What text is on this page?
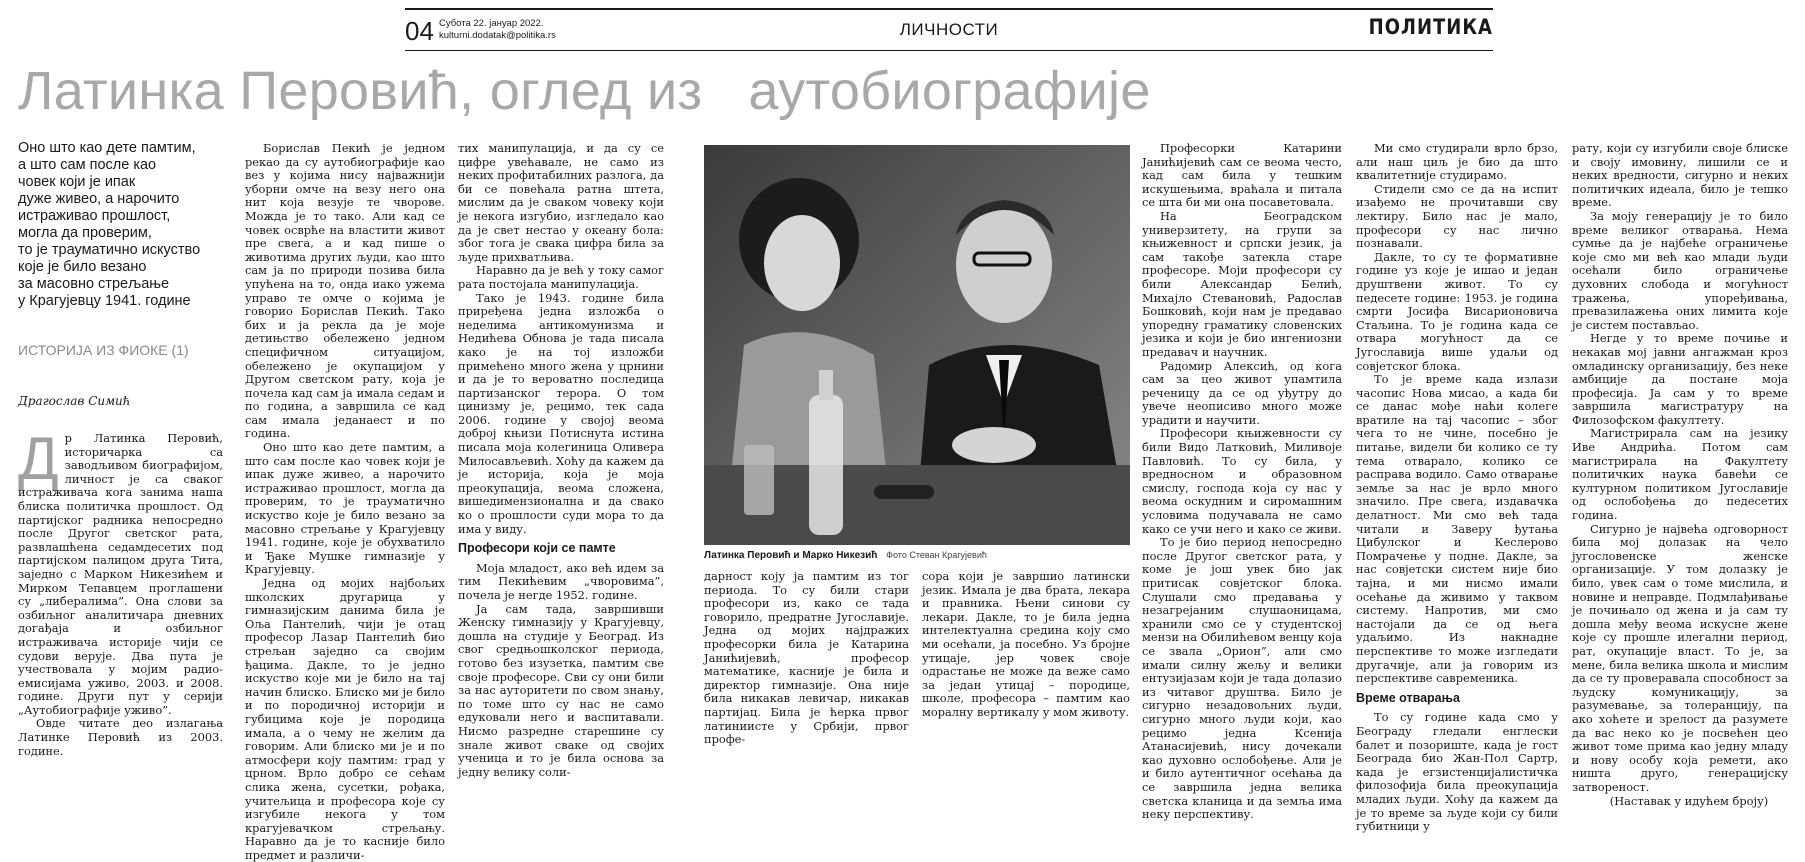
04 Субота 22. јануар 2022.
kulturni.dodatak@politika.rs	ЛИЧНОСТИ	ПОЛИТИКА
Латинка Перовић, оглед из   аутобиографије
Оно што као дете памтим,
а што сам после као
човек који је ипак
дуже живео, а нарочито
истраживао прошлост,
могла да проверим,
то је трауматично искуство
које је било везано
за масовно стрељање
у Крагујевцу 1941. године
ИСТОРИЈА ИЗ ФИОКЕ (1)
Драгослав Симић
Д р Латинка Перовић, историчарка са заводљивом биографијом, личност је са сваког истраживача кога занима наша блиска политичка прошлост. Од партијског радника непосредно после Другог светског рата, развлашћена седамдесетих под партијском палицом друга Тита, заједно с Марком Никезићем и Мирком Тепавцем проглашени су „либералима”. Она слови за озбиљног аналитичара дневних догађаја и озбиљног истраживача историје чији се судови верује. Два пута је учествовала у мојим радио-емисијама уживо, 2003. и 2008. године. Други пут у серији „Аутобиографије уживо”.

Овде читате део излагања Латинке Перовић из 2003. године.

Борислав Пекић је једном рекао да су аутобиографије као вез у којима нису најважнији уборни омче на везу него она нит која везује те чворове. Можда је то тако. Али кад се човек осврће на властити живот пре свега, а и кад пише о животима других људи, као што сам ја по природи позива била упућена на то, онда иако ужема управо те омче о којима је говорио Борислав Пекић. Тако бих и ја рекла да је моје детињство обележено једном специфичном ситуацијом, обележено је окупацијом у Другом светском рату, која је почела кад сам ја имала седам и по година, а завршила се кад сам имала једанаест и по година.

Оно што као дете памтим, а што сам после као човек који је ипак дуже живео, а нарочито истраживао прошлост, могла да проверим, то је трауматично искуство које је било везано за масовно стрељање у Крагујевцу 1941. године, које је обухватило и Ђаке Мушке гимназије у Крагујевцу.

Једна од мојих најбољих школских другарица у гимназијским данима била је Оља Пантелић, чији је отац професор Лазар Пантелић био стрељан заједно са својим ђацима. Дакле, то је једно искуство које ми је било на тај начин блиско. Блиско ми је било и по породичној историји и губицима које је породица имала, а о чему не желим да говорим. Али блиско ми је и по атмосфери коју памтим: град у црном. Врло добро се сећам слика жена, сусетки, рођака, учитељица и професора које су изгубиле некога у том крагујевачком стрељању. Наравно да је то касније било предмет и различи-

тих манипулација, и да су се цифре увећавале, не само из неких профитабилних разлога, да би се повећала ратна штета, мислим да је сваком човеку који је некога изгубио, изгледало као да је свет нестао у океану бола: због тога је свака цифра била за људе прихватљива.

Наравно да је већ у току самог рата постојала манипулација.

Тако је 1943. године била приређена једна изложба о неделима антикомунизма и Недићева Обнова је тада писала како је на тој изложби примећено много жена у црнини и да је то вероватно последица партизанског терора. О том цинизму је, рецимо, тек сада 2006. године у својој веома доброј књизи Потиснута истина писала моја колегиница Оливера Милосављевић. Хоћу да кажем да је историја, која је моја преокупација, веома сложена, вишедимензионална и да свако ко о прошлости суди мора то да има у виду.

Професори који се памте

Моја младост, ако већ идем за тим Пекићевим „чворовима”, почела је негде 1952. године.

Ја сам тада, завршивши Женску гимназију у Крагујевцу, дошла на студије у Београд. Из свог средњошколског периода, готово без изузетка, памтим све своје професоре. Сви су они били за нас ауторитети по свом знању, по томе што су нас не само едуковали него и васпитавали. Нисмо разредне старешине су знале живот сваке од својих ученица и то је била основа за једну велику соли-

Латинка Перовић и Марко Никезић Фото Стеван Крагујевић

дарност коју ја памтим из тог периода. То су били стари професори из, како се тада говорило, предратне Југославије. Једна од мојих најдражих професорки била је Катарина Јанићијевић, професор математике, касније је била и директор гимназије. Она није била никакав левичар, никакав партијац. Била је ћерка првог латиниисте у Србији, првог профе-

сора који је завршио латински језик. Имала је два брата, лекара и правника. Њени синови су лекари. Дакле, то је била једна интелектуална средина коју смо ми осећали, ја посебно. Уз бројне утицаје, јер човек своје одрастање не може да веже само за један утицај – породице, школе, професора – памтим као моралну вертикалу у мом животу.

Професорки Катарини Јанићијевић сам се веома често, кад сам била у тешким искушењима, враћала и питала се шта би ми она посаветовала.

На Београдском универзитету, на групи за књижевност и српски језик, ја сам такође затекла старе професоре. Моји професори су били Александар Белић, Михајло Стевановић, Радослав Бошковић, који нам је предавао упоредну граматику словенских језика и који је био ингениозни предавач и научник.

Радомир Алексић, од кога сам за цео живот упамтила реченицу да се од уђутру до увече неописиво много може урадити и научити.

Професори књижевности су били Видо Латковић, Миливоје Павловић. То су била, у вредносном и образовном смислу, господа која су нас у веома оскудним и сиромашним условима подучавала не само како се учи него и како се живи.

То је био период непосредно после Другог светског рата, у коме је још увек био јак притисак совјетског блока. Слушали смо предавања у незагрејаним слушаоницама, хранили смо се у студентској мензи на Обилићевом венцу која се звала „Орион”, али смо имали силну жељу и велики ентузијазам који је тада долазио из читавог друштва. Било је сигурно незадовољних људи, сигурно много људи који, као рецимо једна Ксенија Атанасијевић, нису дочекали као духовно ослобођење. Али је и било аутентичног осећања да се завршила једна велика светска кланица и да земља има неку перспективу.

Ми смо студирали врло брзо, али наш циљ је био да што квалитетније студирамо.

Стидели смо се да на испит изађемо не прочитавши сву лектиру. Било нас је мало, професори су нас лично познавали.

Дакле, то су те формативне године уз које је ишао и један друштвени живот. То су педесете године: 1953. је година смрти Јосифа Висарионовича Стаљина. То је година када се отвара могућност да се Југославија више удаљи од совјетског блока.

То је време када излази часопис Нова мисао, а када би се данас мође наћи колеге вратиле на тај часопис – због чега то не чине, посебно је питање, видели би колико се ту тема отварало, колико се расправа водило. Само отварање земље за нас је врло много значило. Пре свега, издавачка делатност. Ми смо већ тада читали и Заверу ђутања Цибулског и Кеслерово Помрачење у подне. Дакле, за нас совјетски систем није био тајна, и ми нисмо имали осећање да живимо у таквом систему. Напротив, ми смо настојали да се од њега удаљимо. Из накнадне перспективе то може изгледати другачије, али ја говорим из перспективе савременика.

Време отварања

То су године када смо у Београду гледали енглески балет и позориште, када је гост Београда био Жан-Пол Сартр, када је егзистенцијалистичка филозофија била преокупација младих људи. Хоћу да кажем да је то време за људе који су били губитници у

рату, који су изгубили своје блиске и своју имовину, лишили се и неких вредности, сигурно и неких политичких идеала, било је тешко време.

За моју генерацију је то било време великог отварања. Нема сумње да је најбеће ограничење које смо ми већ као млади људи осећали било ограничење духовних слобода и могућност тражења, упоређивања, превазилажења оних лимита које је систем постављао.

Негде у то време почиње и некакав мој јавни ангажман кроз омладинску организацију, без неке амбиције да постане моја професија. Ја сам у то време завршила магистратуру на Филозофском факултету.

Магистрирала сам на језику Иве Андрића. Потом сам магистрирала на Факултету политичких наука бавећи се културном политиком Југославије од ослобођења до педесетих година.

Сигурно је највећа одговорност била мој долазак на чело југословенске женске организације. У том долазку је било, увек сам о томе мислила, и новине и неправде. Подмлађивање је почињало од жена и ја сам ту дошла међу веома искусне жене које су прошле илегални период, рат, окупације власт. То је, за мене, била велика школа и мислим да се ту проверавала способност за људску комуникацију, за разумевање, за толеранцију, па ако хоћете и зрелост да разумете да вас неко ко је посвећен цео живот томе прима као једну младу и нову особу која ремети, ако ништа друго, генерацијску затвореност.

(Наставак у идућем броју)
